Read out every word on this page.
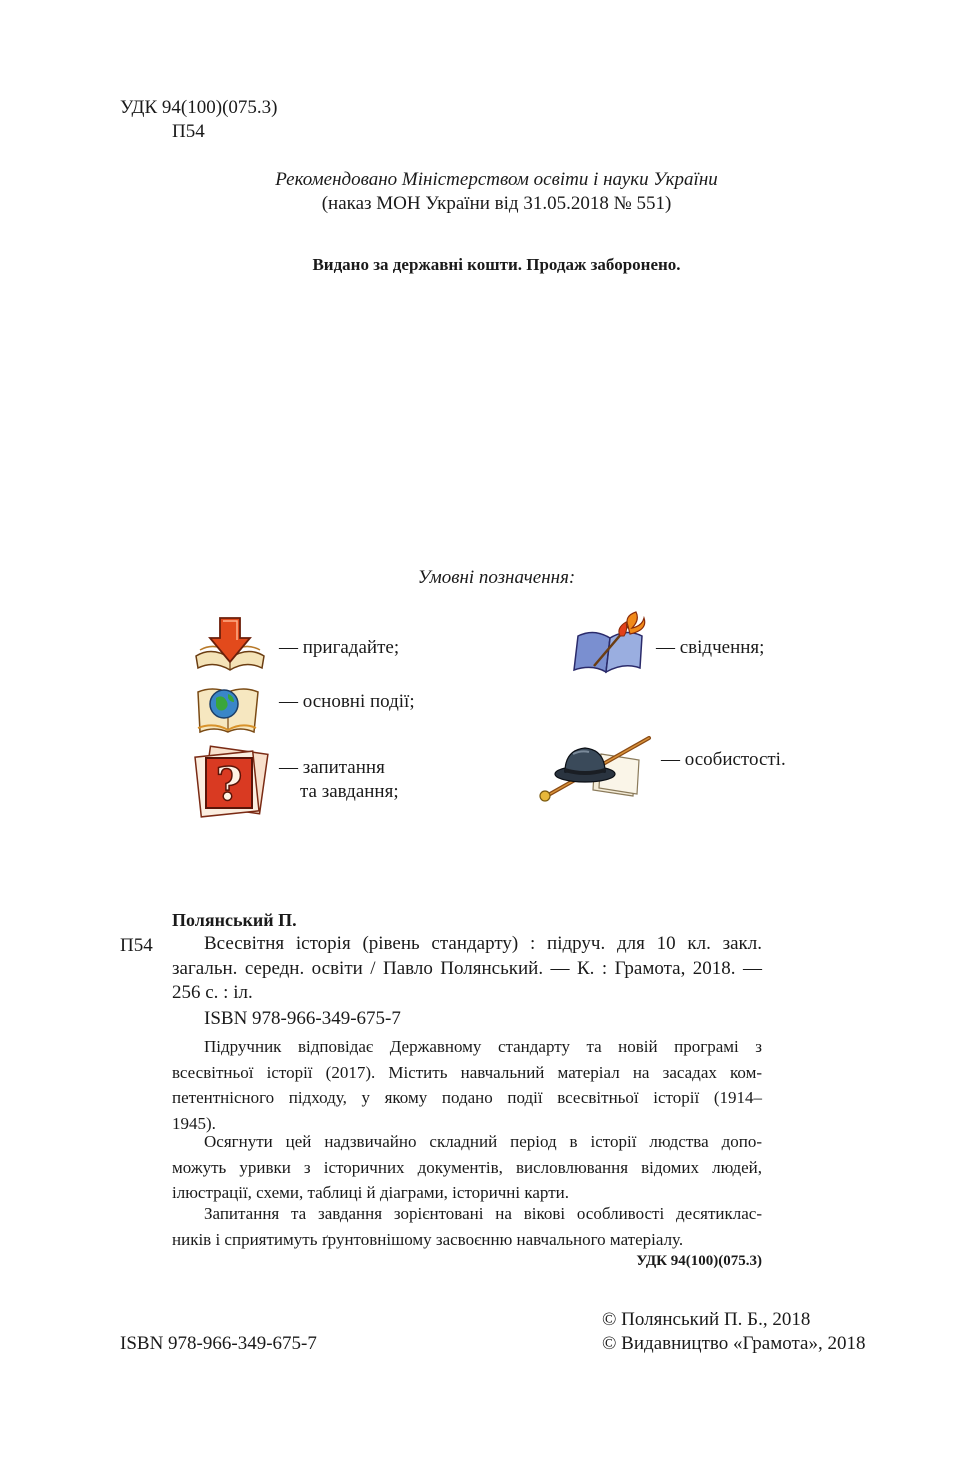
УДК 94(100)(075.3)
П54
Рекомендовано Міністерством освіти і науки України
(наказ МОН України від 31.05.2018 № 551)
Видано за державні кошти. Продаж заборонено.
Умовні позначення:
— пригадайте;
— основні події;
? — запитання
та завдання;
— свідчення;
— особистості.
Полянський П.
П54	Всесвітня історія (рівень стандарту) : підруч. для 10 кл. закл.
загальн. середн. освіти / Павло Полянський. — К. : Грамота, 2018. —
256 с. : іл.
ISBN 978-966-349-675-7
Підручник відповідає Державному стандарту та новій програмі з
всесвітньої історії (2017). Містить навчальний матеріал на засадах ком-
петентнісного підходу, у якому подано події всесвітньої історії (1914–
1945).
Осягнути цей надзвичайно складний період в історії людства допо-
можуть уривки з історичних документів, висловлювання відомих людей,
ілюстрації, схеми, таблиці й діаграми, історичні карти.
Запитання та завдання зорієнтовані на вікові особливості десятиклас-
ників і сприятимуть ґрунтовнішому засвоєнню навчального матеріалу.
УДК 94(100)(075.3)
© Полянський П. Б., 2018
© Видавництво «Грамота», 2018
ISBN 978-966-349-675-7
